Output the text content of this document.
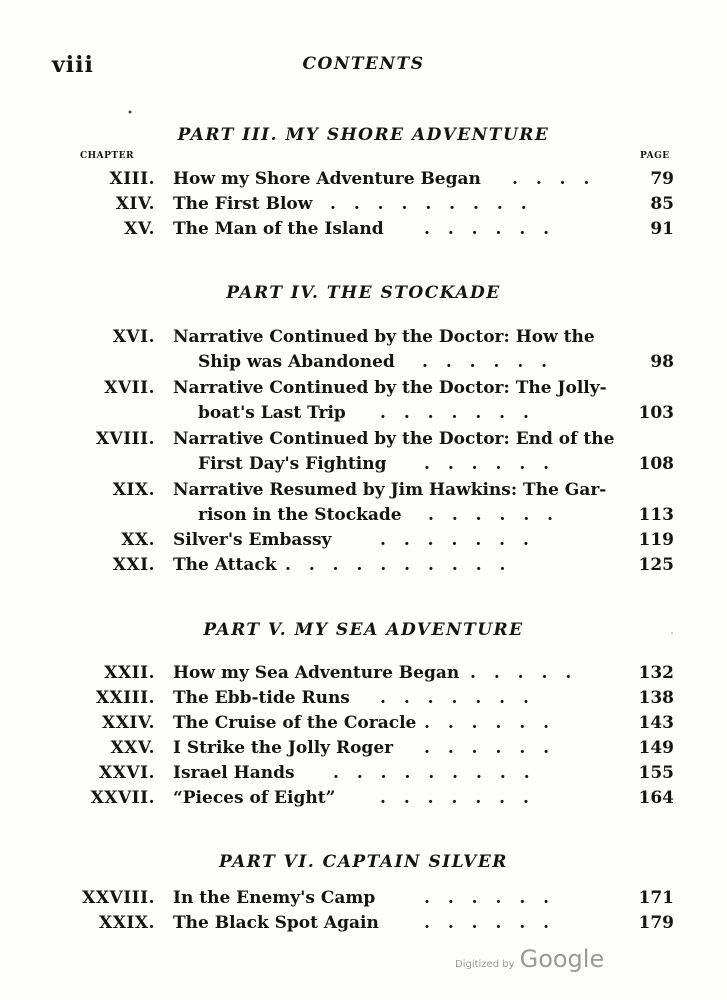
viii	CONTENTS
PART III. MY SHORE ADVENTURE
CHAPTER	PAGE
XIII. How my Shore Adventure Began . . . .	79
XIV. The First Blow . . . . . . . . .	85
XV. The Man of the Island . . . . . .	91
PART IV. THE STOCKADE
XVI. Narrative Continued by the Doctor: How the
Ship was Abandoned . . . . . .	98
XVII. Narrative Continued by the Doctor: The Jolly-
boat's Last Trip . . . . . . .	103
XVIII. Narrative Continued by the Doctor: End of the
First Day's Fighting . . . . . .	108
XIX. Narrative Resumed by Jim Hawkins: The Gar-
rison in the Stockade . . . . . .	113
XX. Silver's Embassy	. . . . . . .	119
XXI. The Attack . . . . . . . . . .	125
PART V. MY SEA ADVENTURE
XXII. How my Sea Adventure Began . . . . .	132
XXIII. The Ebb-tide Runs . . . . . . .	138
XXIV. The Cruise of the Coracle . . . . . .	143
XXV. I Strike the Jolly Roger . . . . . .	149
XXVI. Israel Hands . . . . . . . . .	155
XXVII. “Pieces of Eight”	. . . . . . .	164
PART VI. CAPTAIN SILVER
XXVIII. In the Enemy's Camp	. . . . . .	171
XXIX. The Black Spot Again	. . . . . .	179
Digitized by Google
